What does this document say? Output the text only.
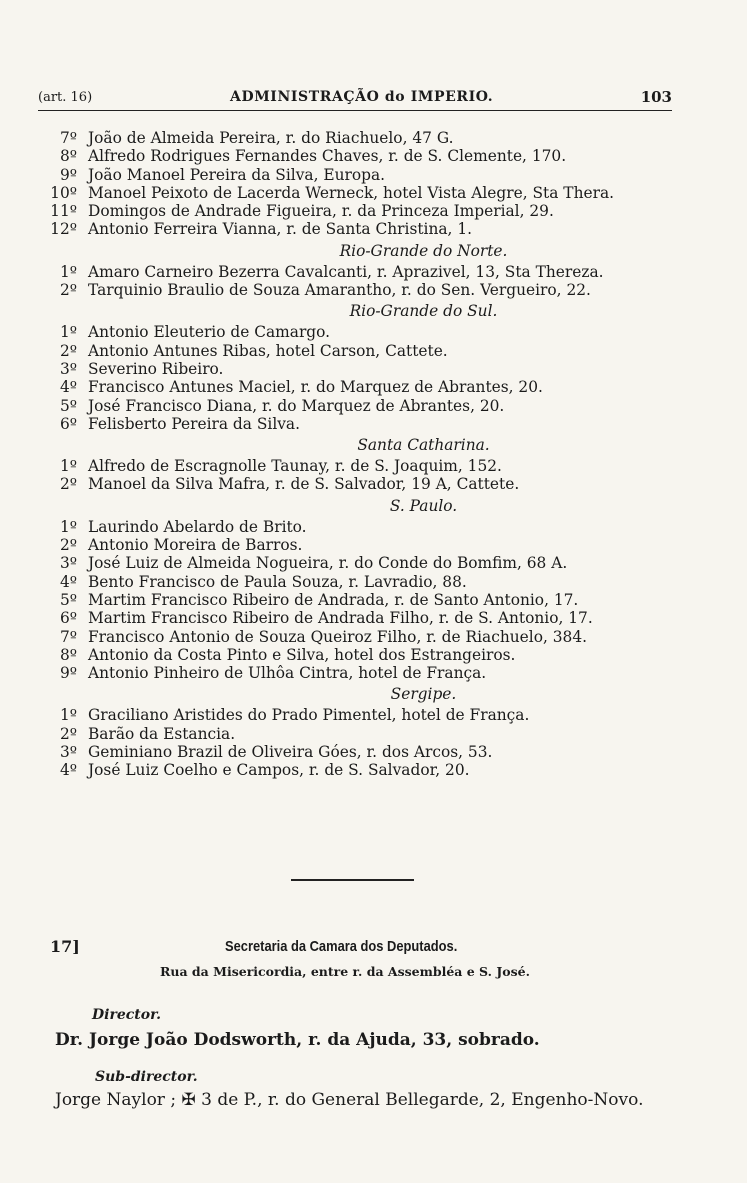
(art. 16)	ADMINISTRAÇÃO do IMPERIO.	103
7º João de Almeida Pereira, r. do Riachuelo, 47 G.
8º Alfredo Rodrigues Fernandes Chaves, r. de S. Clemente, 170.
9º João Manoel Pereira da Silva, Europa.
10º Manoel Peixoto de Lacerda Werneck, hotel Vista Alegre, Sta Thera.
11º Domingos de Andrade Figueira, r. da Princeza Imperial, 29.
12º Antonio Ferreira Vianna, r. de Santa Christina, 1.
Rio-Grande do Norte.
1º Amaro Carneiro Bezerra Cavalcanti, r. Aprazivel, 13, Sta Thereza.
2º Tarquinio Braulio de Souza Amarantho, r. do Sen. Vergueiro, 22.
Rio-Grande do Sul.
1º Antonio Eleuterio de Camargo.
2º Antonio Antunes Ribas, hotel Carson, Cattete.
3º Severino Ribeiro.
4º Francisco Antunes Maciel, r. do Marquez de Abrantes, 20.
5º José Francisco Diana, r. do Marquez de Abrantes, 20.
6º Felisberto Pereira da Silva.
Santa Catharina.
1º Alfredo de Escragnolle Taunay, r. de S. Joaquim, 152.
2º Manoel da Silva Mafra, r. de S. Salvador, 19 A, Cattete.
S. Paulo.
1º Laurindo Abelardo de Brito.
2º Antonio Moreira de Barros.
3º José Luiz de Almeida Nogueira, r. do Conde do Bomfim, 68 A.
4º Bento Francisco de Paula Souza, r. Lavradio, 88.
5º Martim Francisco Ribeiro de Andrada, r. de Santo Antonio, 17.
6º Martim Francisco Ribeiro de Andrada Filho, r. de S. Antonio, 17.
7º Francisco Antonio de Souza Queiroz Filho, r. de Riachuelo, 384.
8º Antonio da Costa Pinto e Silva, hotel dos Estrangeiros.
9º Antonio Pinheiro de Ulhôa Cintra, hotel de França.
Sergipe.
1º Graciliano Aristides do Prado Pimentel, hotel de França.
2º Barão da Estancia.
3º Geminiano Brazil de Oliveira Góes, r. dos Arcos, 53.
4º José Luiz Coelho e Campos, r. de S. Salvador, 20.
17]	Secretaria da Camara dos Deputados.
Rua da Misericordia, entre r. da Assembléa e S. José.
Director.
Dr. Jorge João Dodsworth, r. da Ajuda, 33, sobrado.
Sub-director.
Jorge Naylor ; ✠ 3 de P., r. do General Bellegarde, 2, Engenho-Novo.
